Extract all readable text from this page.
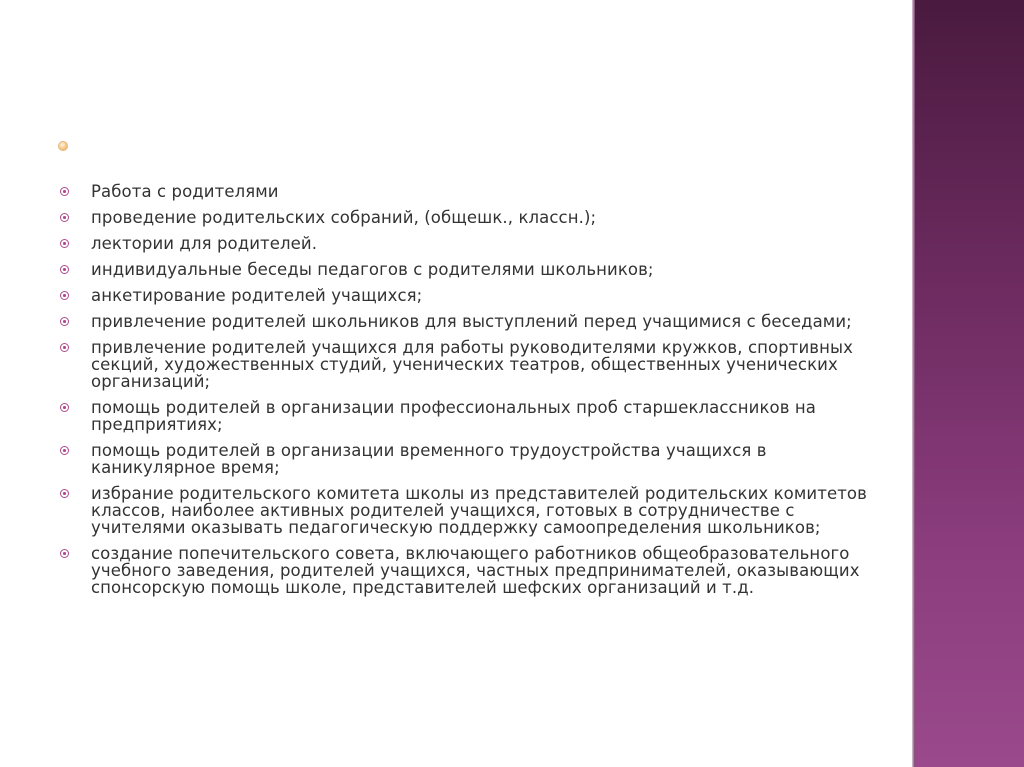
Работа с родителями
проведение родительских собраний, (общешк., классн.);
лектории для родителей.
индивидуальные беседы педагогов с родителями школьников;
анкетирование родителей учащихся;
привлечение родителей школьников для выступлений перед учащимися с беседами;
привлечение родителей учащихся для работы руководителями кружков, спортивных секций, художественных студий, ученических театров, общественных ученических организаций;
помощь родителей в организации профессиональных проб старшеклассников на предприятиях;
помощь родителей в организации временного трудоустройства учащихся в каникулярное время;
избрание родительского комитета школы из представителей родительских комитетов классов, наиболее активных родителей учащихся, готовых в сотрудничестве с учителями оказывать педагогическую поддержку самоопределения школьников;
создание попечительского совета, включающего работников общеобразовательного учебного заведения, родителей учащихся, частных предпринимателей, оказывающих спонсорскую помощь школе, представителей шефских организаций и т.д.
